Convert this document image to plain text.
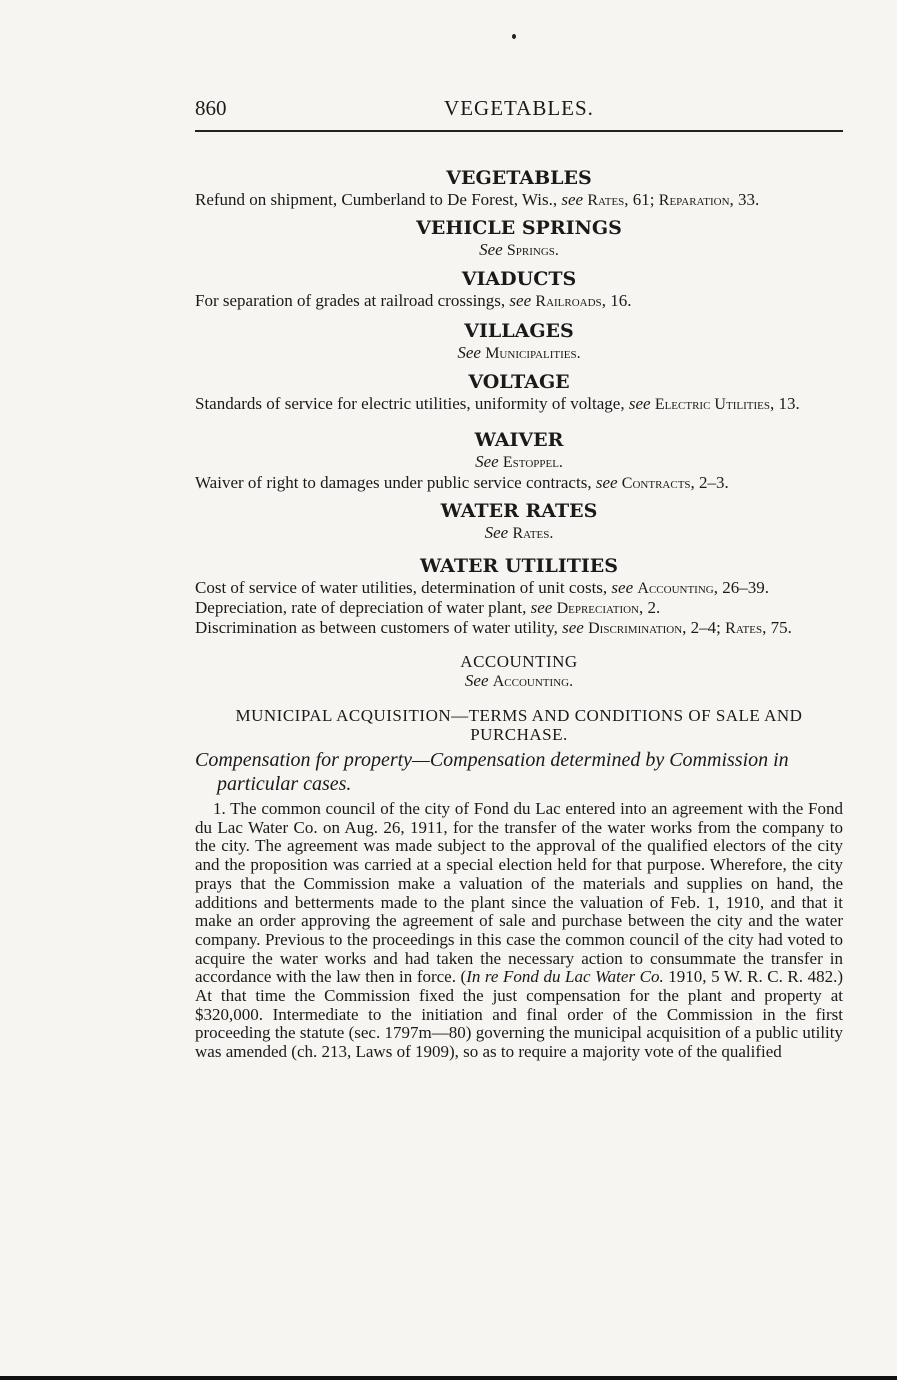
860	VEGETABLES.

VEGETABLES

Refund on shipment, Cumberland to De Forest, Wis., see Rates, 61; Reparation, 33.

VEHICLE SPRINGS

See Springs.

VIADUCTS

For separation of grades at railroad crossings, see Railroads, 16.

VILLAGES

See Municipalities.

VOLTAGE

Standards of service for electric utilities, uniformity of voltage, see Electric Utilities, 13.

WAIVER

See Estoppel.

Waiver of right to damages under public service contracts, see Contracts, 2–3.

WATER RATES

See Rates.

WATER UTILITIES

Cost of service of water utilities, determination of unit costs, see Accounting, 26–39.

Depreciation, rate of depreciation of water plant, see Depreciation, 2.

Discrimination as between customers of water utility, see Discrimination, 2–4; Rates, 75.

ACCOUNTING

See Accounting.

MUNICIPAL ACQUISITION—TERMS AND CONDITIONS OF SALE AND PURCHASE.

Compensation for property—Compensation determined by Commission in particular cases.

1. The common council of the city of Fond du Lac entered into an agreement with the Fond du Lac Water Co. on Aug. 26, 1911, for the transfer of the water works from the company to the city. The agreement was made subject to the approval of the qualified electors of the city and the proposition was carried at a special election held for that purpose. Wherefore, the city prays that the Commission make a valuation of the materials and supplies on hand, the additions and betterments made to the plant since the valuation of Feb. 1, 1910, and that it make an order approving the agreement of sale and purchase between the city and the water company. Previous to the proceedings in this case the common council of the city had voted to acquire the water works and had taken the necessary action to consummate the transfer in accordance with the law then in force. (In re Fond du Lac Water Co. 1910, 5 W. R. C. R. 482.) At that time the Commission fixed the just compensation for the plant and property at $320,000. Intermediate to the initiation and final order of the Commission in the first proceeding the statute (sec. 1797m—80) governing the municipal acquisition of a public utility was amended (ch. 213, Laws of 1909), so as to require a majority vote of the qualified
